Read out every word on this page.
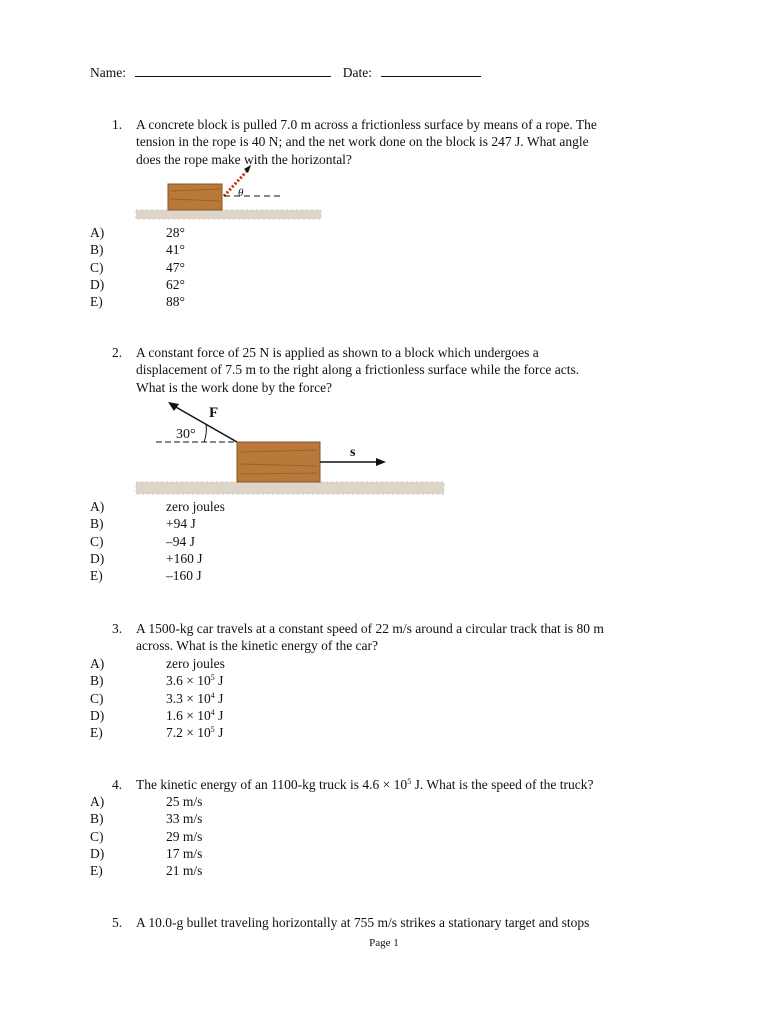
Name:	Date:
1. A concrete block is pulled 7.0 m across a frictionless surface by means of a rope. The
tension in the rope is 40 N; and the net work done on the block is 247 J. What angle
does the rope make with the horizontal?
θ
A)	28°
B)	41°
C)	47°
D)	62°
E)	88°
2. A constant force of 25 N is applied as shown to a block which undergoes a
displacement of 7.5 m to the right along a frictionless surface while the force acts.
What is the work done by the force?
30°
F
s
A)	zero joules
B)	+94 J
C)	–94 J
D)	+160 J
E)	–160 J
3. A 1500-kg car travels at a constant speed of 22 m/s around a circular track that is 80 m
across. What is the kinetic energy of the car?
A)	zero joules
B)	$3.6 \times 10^5$ J
C)	$3.3 \times 10^4$ J
D)	$1.6 \times 10^4$ J
E)	$7.2 \times 10^5$ J
4. The kinetic energy of an 1100-kg truck is $4.6 \times 10^5$ J. What is the speed of the truck?
A)	25 m/s
B)	33 m/s
C)	29 m/s
D)	17 m/s
E)	21 m/s
5. A 10.0-g bullet traveling horizontally at 755 m/s strikes a stationary target and stops
Page 1
